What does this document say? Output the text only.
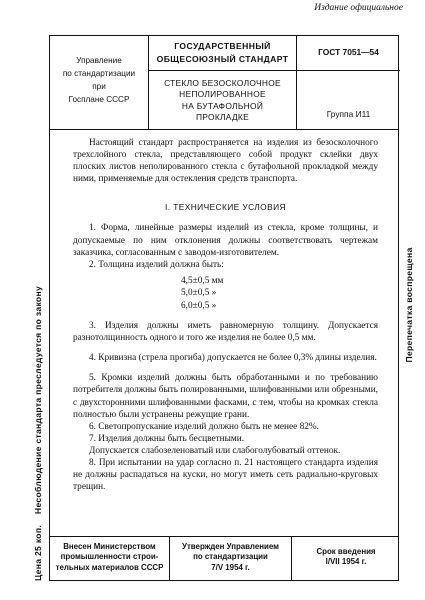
Издание официальное
Управление
по стандартизации
при
Госплане СССР
ГОСУДАРСТВЕННЫЙ
ОБЩЕСОЮЗНЫЙ СТАНДАРТ
ГОСТ 7051—54
СТЕКЛО БЕЗОСКОЛОЧНОЕ
НЕПОЛИРОВАННОЕ
НА БУТАФОЛЬНОЙ
ПРОКЛАДКЕ	Группа И11

Настоящий стандарт распространяется на изделия из безосколочного трехслойного стекла, представляющего собой продукт склейки двух плоских листов неполированного стекла с бутафольной прокладкой между ними, применяемые для остекления средств транспорта.

I. ТЕХНИЧЕСКИЕ УСЛОВИЯ

1. Форма, линейные размеры изделий из стекла, кроме толщины, и допускаемые по ним отклонения должны соответствовать чертежам заказчика, согласованным с заводом-изготовителем.

2. Толщина изделий должна быть:

4,5±0,5 мм
5,0±0,5 »
6,0±0,5 »

3. Изделия должны иметь равномерную толщину. Допускается разнотолщинность одного и того же изделия не более 0,5 мм.

4. Кривизна (стрела прогиба) допускается не более 0,3% длины изделия.

5. Кромки изделий должны быть обработанными и по требованию потребителя должны быть полированными, шлифованными или обрезными, с двухсторонними шлифованными фасками, с тем, чтобы на кромках стекла полностью были устранены режущие грани.

6. Светопропускание изделий должно быть не менее 82%.

7. Изделия должны быть бесцветными.

Допускается слабозеленоватый или слабоголубоватый оттенок.

8. При испытании на удар согласно п. 21 настоящего стандарта изделия не должны распадаться на куски, но могут иметь сеть радиально-круговых трещин.

Внесен Министерством
промышленности строи-
тельных материалов СССР
Утвержден Управлением
по стандартизации
7/V 1954 г.
Срок введения
I/VII 1954 г.
Несоблюдение стандарта преследуется по закону
Цена 25 коп.
Перепечатка воспрещена
